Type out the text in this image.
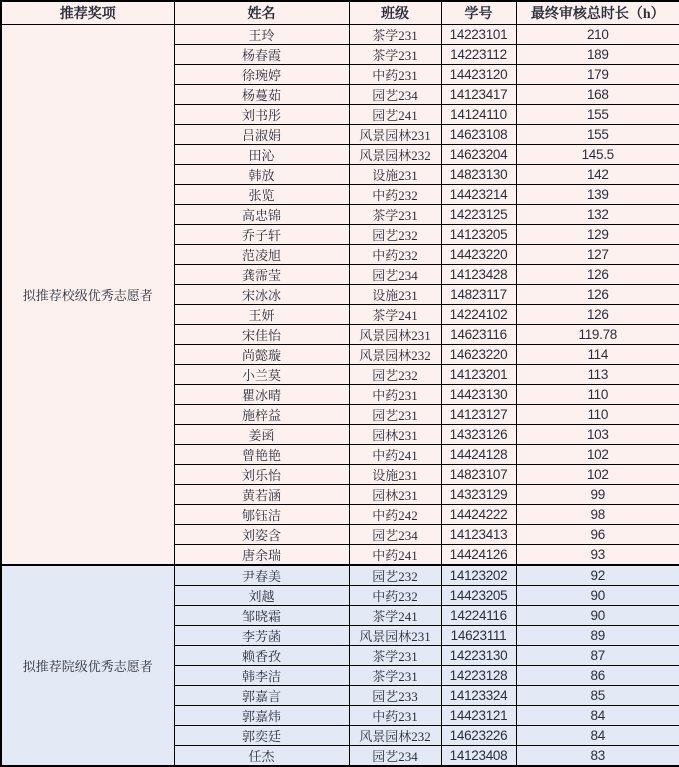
推荐奖项	姓名	班级	学号	最终审核总时长（h）
拟推荐校级优秀志愿者	王玲	茶学231	14223101	210
	杨春霞	茶学231	14223112	189
	徐琬婷	中药231	14423120	179
	杨蔓茹	园艺234	14123417	168
	刘书彤	园艺241	14124110	155
	吕淑娟	风景园林231	14623108	155
	田沁	风景园林232	14623204	145.5
	韩放	设施231	14823130	142
	张览	中药232	14423214	139
	高忠锦	茶学231	14223125	132
	乔子轩	园艺232	14123205	129
	范凌旭	中药232	14423220	127
	龚霈莹	园艺234	14123428	126
	宋冰冰	设施231	14823117	126
	王妍	茶学241	14224102	126
	宋佳怡	风景园林231	14623116	119.78
	尚懿璇	风景园林232	14623220	114
	小兰莫	园艺232	14123201	113
	瞿冰晴	中药231	14423130	110
	施梓益	园艺231	14123127	110
	姜函	园林231	14323126	103
	曾艳艳	中药241	14424128	102
	刘乐怡	设施231	14823107	102
	黄若涵	园林231	14323129	99
	郇钰洁	中药242	14424222	98
	刘姿含	园艺234	14123413	96
	唐余瑞	中药241	14424126	93
拟推荐院级优秀志愿者	尹春美	园艺232	14123202	92
	刘越	中药232	14423205	90
	邹晓霜	茶学241	14224116	90
	李芳菡	风景园林231	14623111	89
	赖香孜	茶学231	14223130	87
	韩李洁	茶学231	14223128	86
	郭嘉言	园艺233	14123324	85
	郭嘉炜	中药231	14423121	84
	郭奕廷	风景园林232	14623226	84
	任杰	园艺234	14123408	83
